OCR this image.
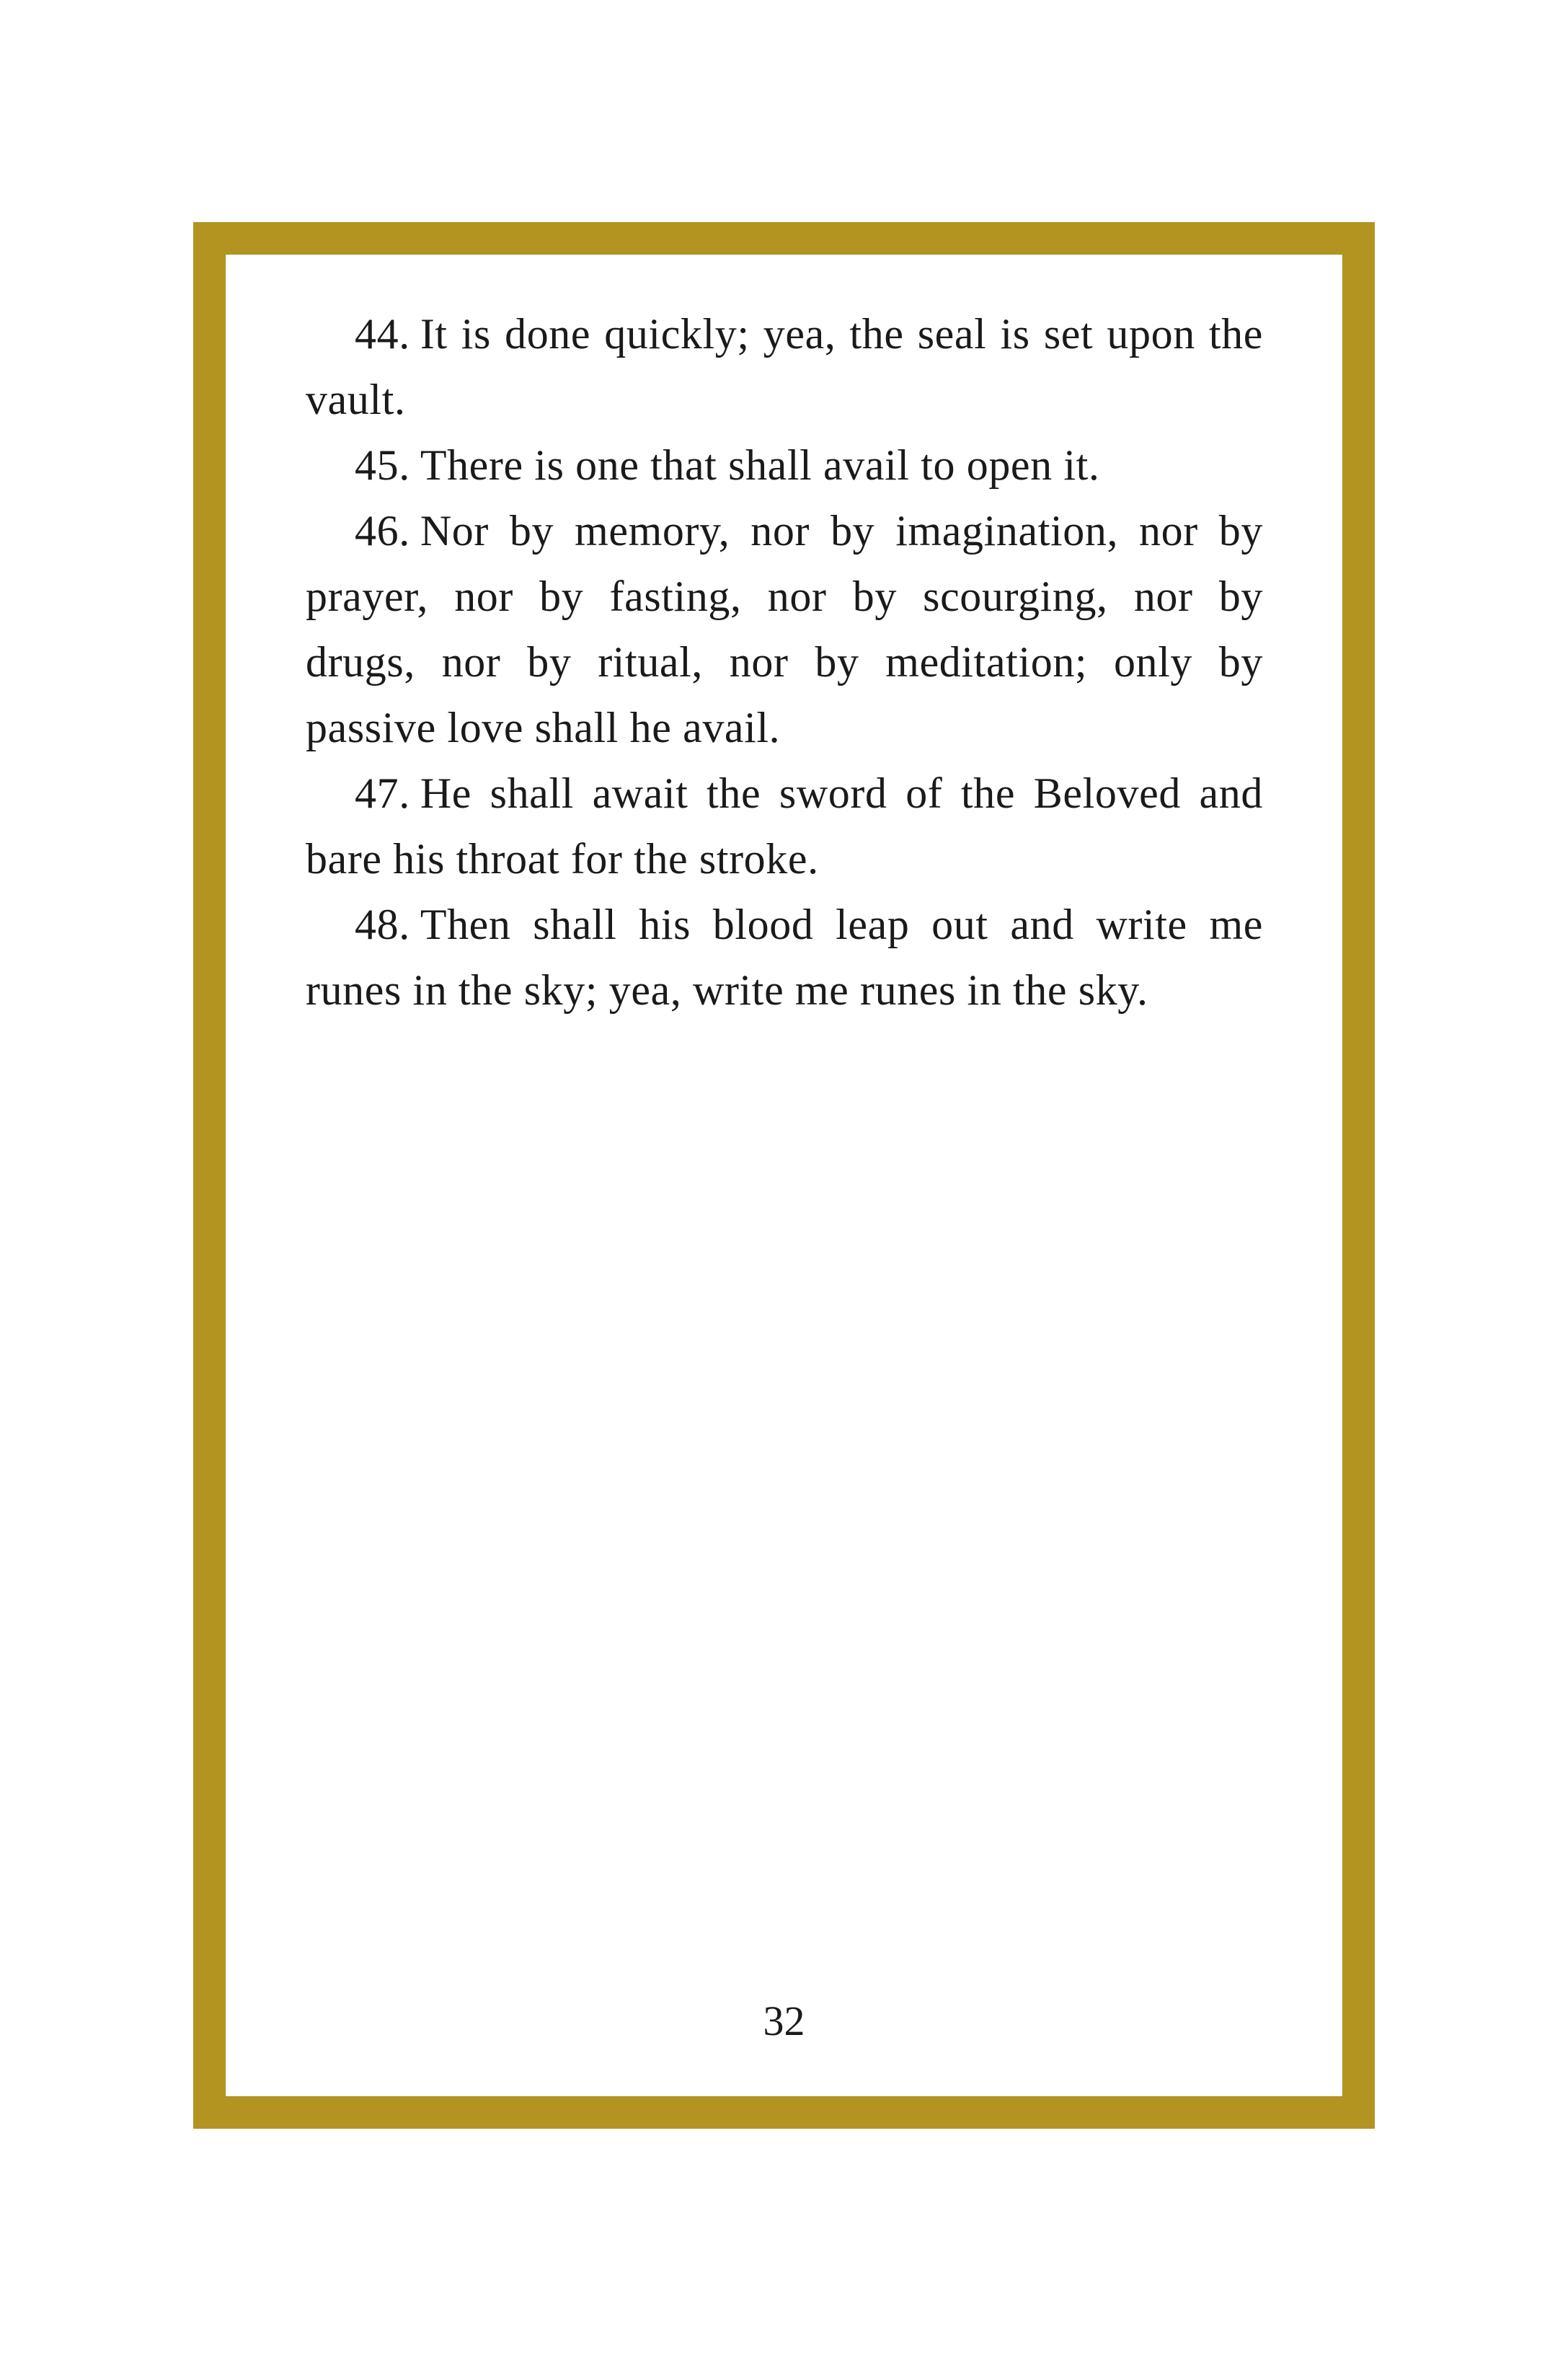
44. It is done quickly; yea, the seal is set upon the vault.

45. There is one that shall avail to open it.

46. Nor by memory, nor by imagination, nor by prayer, nor by fasting, nor by scourging, nor by drugs, nor by ritual, nor by meditation; only by passive love shall he avail.

47. He shall await the sword of the Beloved and bare his throat for the stroke.

48. Then shall his blood leap out and write me runes in the sky; yea, write me runes in the sky.

32
